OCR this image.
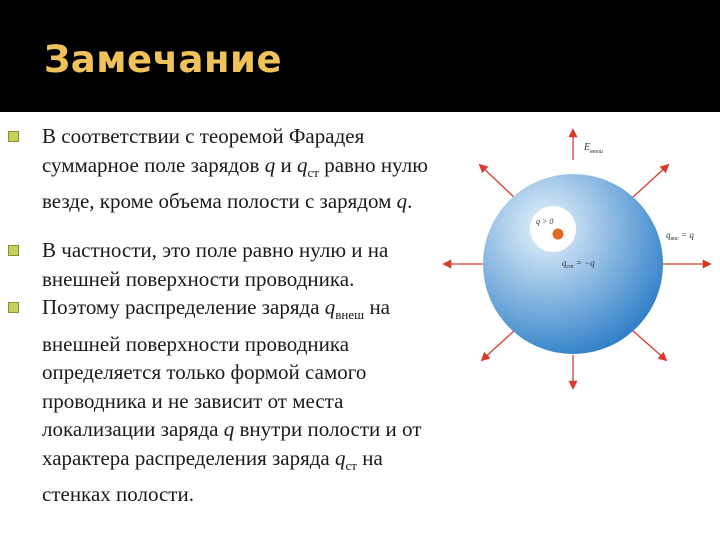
Замечание
В соответствии с теоремой Фарадея суммарное поле зарядов q и $q_{ст}$ равно нулю везде, кроме объема полости с зарядом q.
В частности, это поле равно нулю и на внешней поверхности проводника.
Поэтому распределение заряда $q_{внеш}$ на внешней поверхности проводника определяется только формой самого проводника и не зависит от места локализации заряда q внутри полости и от характера распределения заряда $q_{ст}$ на стенках полости.
$E_{внеш}$
q > 0
$q_{внс} = q$
$q_{ст} = -q$
